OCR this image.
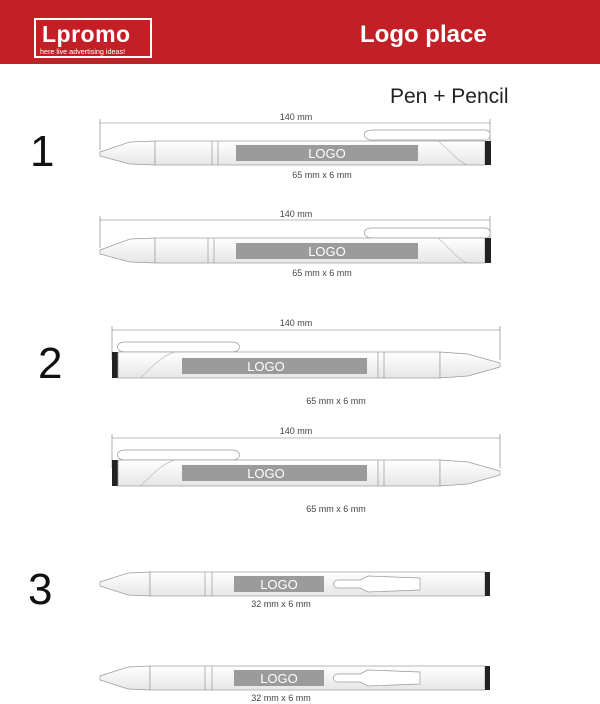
Lpromo
here live advertising ideas!
Logo place
Pen + Pencil
1
2
3
140 mm
LOGO
65 mm x 6 mm
140 mm
LOGO
65 mm x 6 mm
140 mm
LOGO
65 mm x 6 mm
140 mm
LOGO
65 mm x 6 mm
LOGO
32 mm x 6 mm
LOGO
32 mm x 6 mm
